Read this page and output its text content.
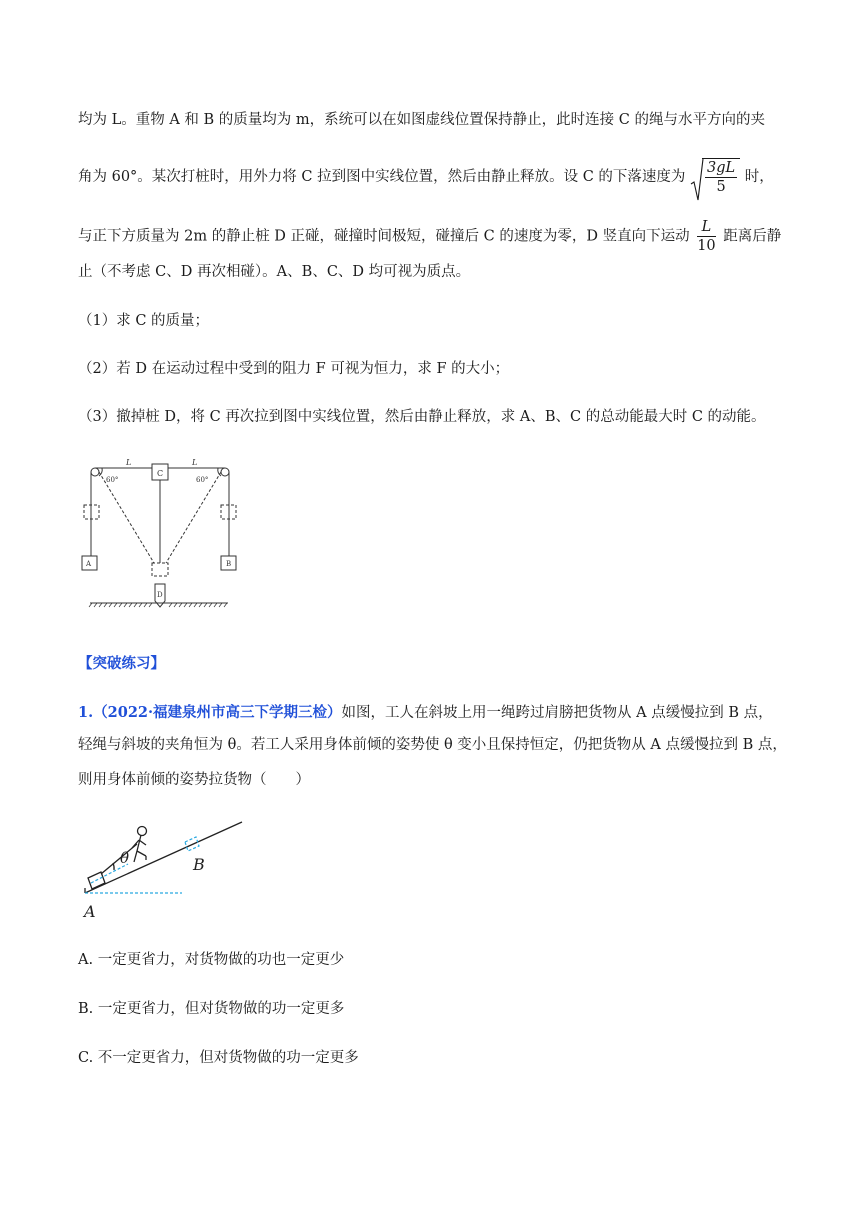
均为 L。重物 A 和 B 的质量均为 m，系统可以在如图虚线位置保持静止，此时连接 C 的绳与水平方向的夹
角为 60°。某次打桩时，用外力将 C 拉到图中实线位置，然后由静止释放。设 C 的下落速度为 $\frac{3gL}{5}$ 时，
与正下方质量为 2m 的静止桩 D 正碰，碰撞时间极短，碰撞后 C 的速度为零，D 竖直向下运动 $\frac{L}{10}$ 距离后静
止（不考虑 C、D 再次相碰）。A、B、C、D 均可视为质点。
（1）求 C 的质量；
（2）若 D 在运动过程中受到的阻力 F 可视为恒力，求 F 的大小；
（3）撤掉桩 D，将 C 再次拉到图中实线位置，然后由静止释放，求 A、B、C 的总动能最大时 C 的动能。
L	L
C
60°	60°
A	B
D
【突破练习】
1.（2022·福建泉州市高三下学期三检）如图，工人在斜坡上用一绳跨过肩膀把货物从 A 点缓慢拉到 B 点，
轻绳与斜坡的夹角恒为 θ。若工人采用身体前倾的姿势使 θ 变小且保持恒定，仍把货物从 A 点缓慢拉到 B 点，
则用身体前倾的姿势拉货物（　　）
θ	B
A
A. 一定更省力，对货物做的功也一定更少
B. 一定更省力，但对货物做的功一定更多
C. 不一定更省力，但对货物做的功一定更多
